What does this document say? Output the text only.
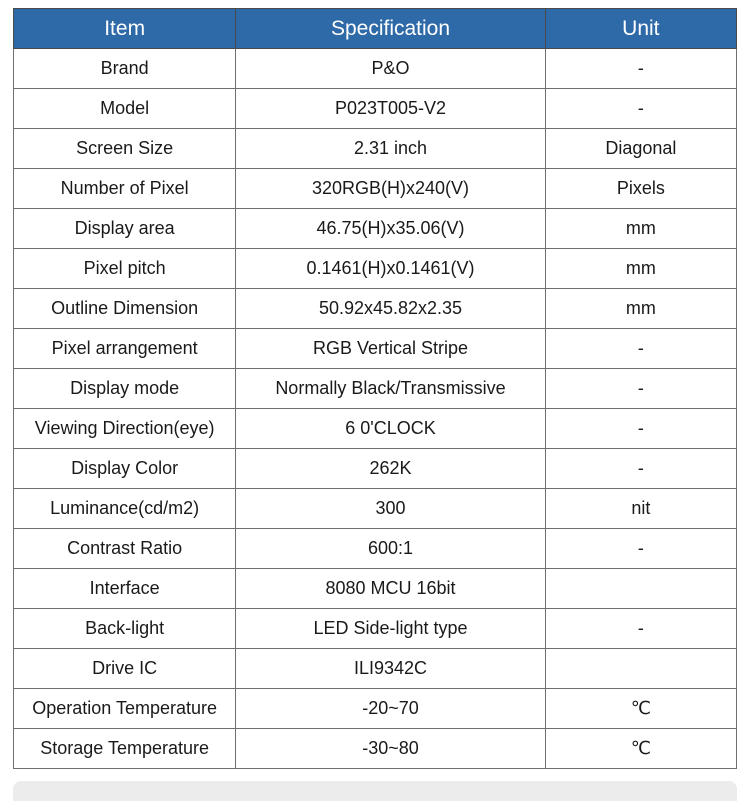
Item	Specification	Unit
Brand	P&O	-
Model	P023T005-V2	-
Screen Size	2.31 inch	Diagonal
Number of Pixel	320RGB(H)x240(V)	Pixels
Display area	46.75(H)x35.06(V)	mm
Pixel pitch	0.1461(H)x0.1461(V)	mm
Outline Dimension	50.92x45.82x2.35	mm
Pixel arrangement	RGB Vertical Stripe	-
Display mode	Normally Black/Transmissive	-
Viewing Direction(eye)	6 0'CLOCK	-
Display Color	262K	-
Luminance(cd/m2)	300	nit
Contrast Ratio	600:1	-
Interface	8080 MCU 16bit	
Back-light	LED Side-light type	-
Drive IC	ILI9342C	
Operation Temperature	-20~70	℃
Storage Temperature	-30~80	℃
